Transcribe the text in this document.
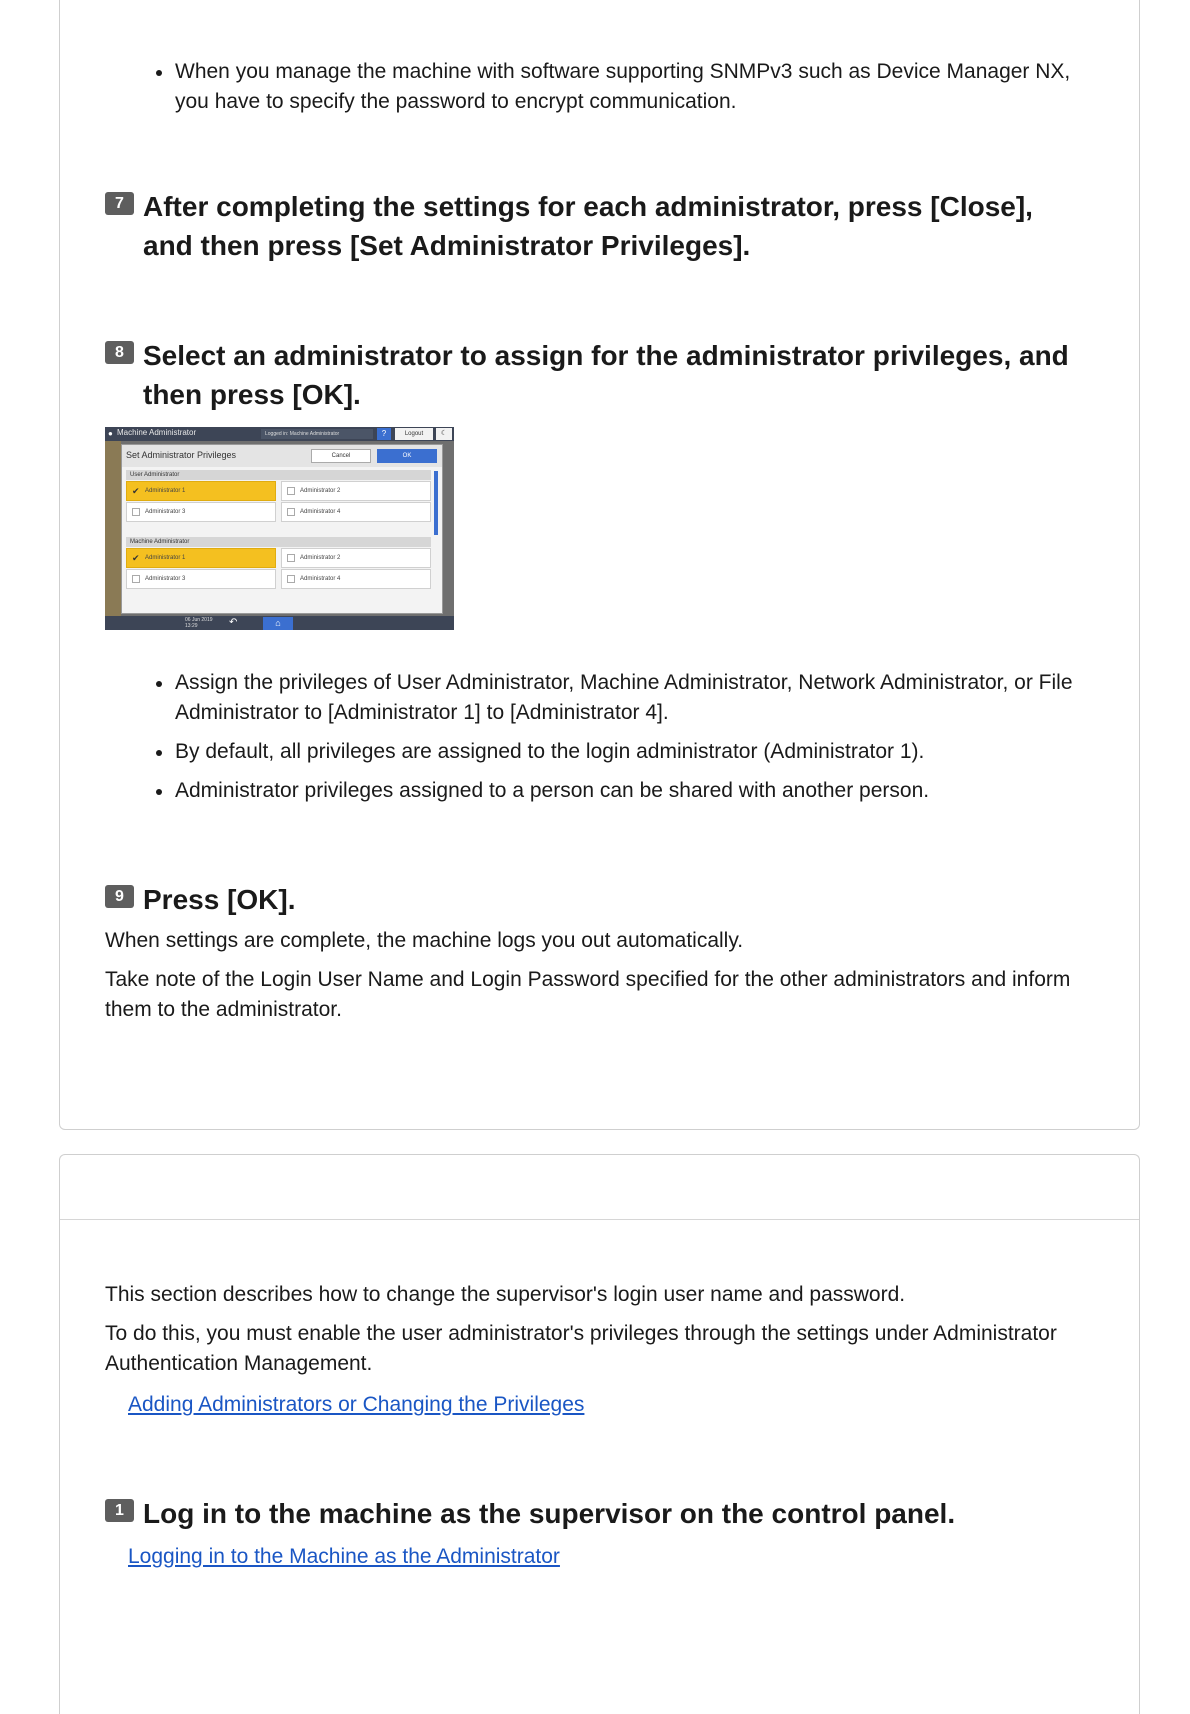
When you manage the machine with software supporting SNMPv3 such as Device Manager NX, you have to specify the password to encrypt communication.
7 After completing the settings for each administrator, press [Close], and then press [Set Administrator Privileges].
8 Select an administrator to assign for the administrator privileges, and then press [OK].
● Machine Administrator	Logged in: Machine Administrator	?	Logout	☾
Set Administrator Privileges	Cancel	OK
User Administrator
✔ Administrator 1	Administrator 2
Administrator 3	Administrator 4
Machine Administrator
✔ Administrator 1	Administrator 2
Administrator 3	Administrator 4
06 Jun 2019
13:29	↶	⌂
Assign the privileges of User Administrator, Machine Administrator, Network Administrator, or File Administrator to [Administrator 1] to [Administrator 4].
By default, all privileges are assigned to the login administrator (Administrator 1).
Administrator privileges assigned to a person can be shared with another person.
9 Press [OK].

When settings are complete, the machine logs you out automatically.

Take note of the Login User Name and Login Password specified for the other administrators and inform them to the administrator.

This section describes how to change the supervisor's login user name and password.

To do this, you must enable the user administrator's privileges through the settings under Administrator Authentication Management.

Adding Administrators or Changing the Privileges
1 Log in to the machine as the supervisor on the control panel.
Logging in to the Machine as the Administrator
